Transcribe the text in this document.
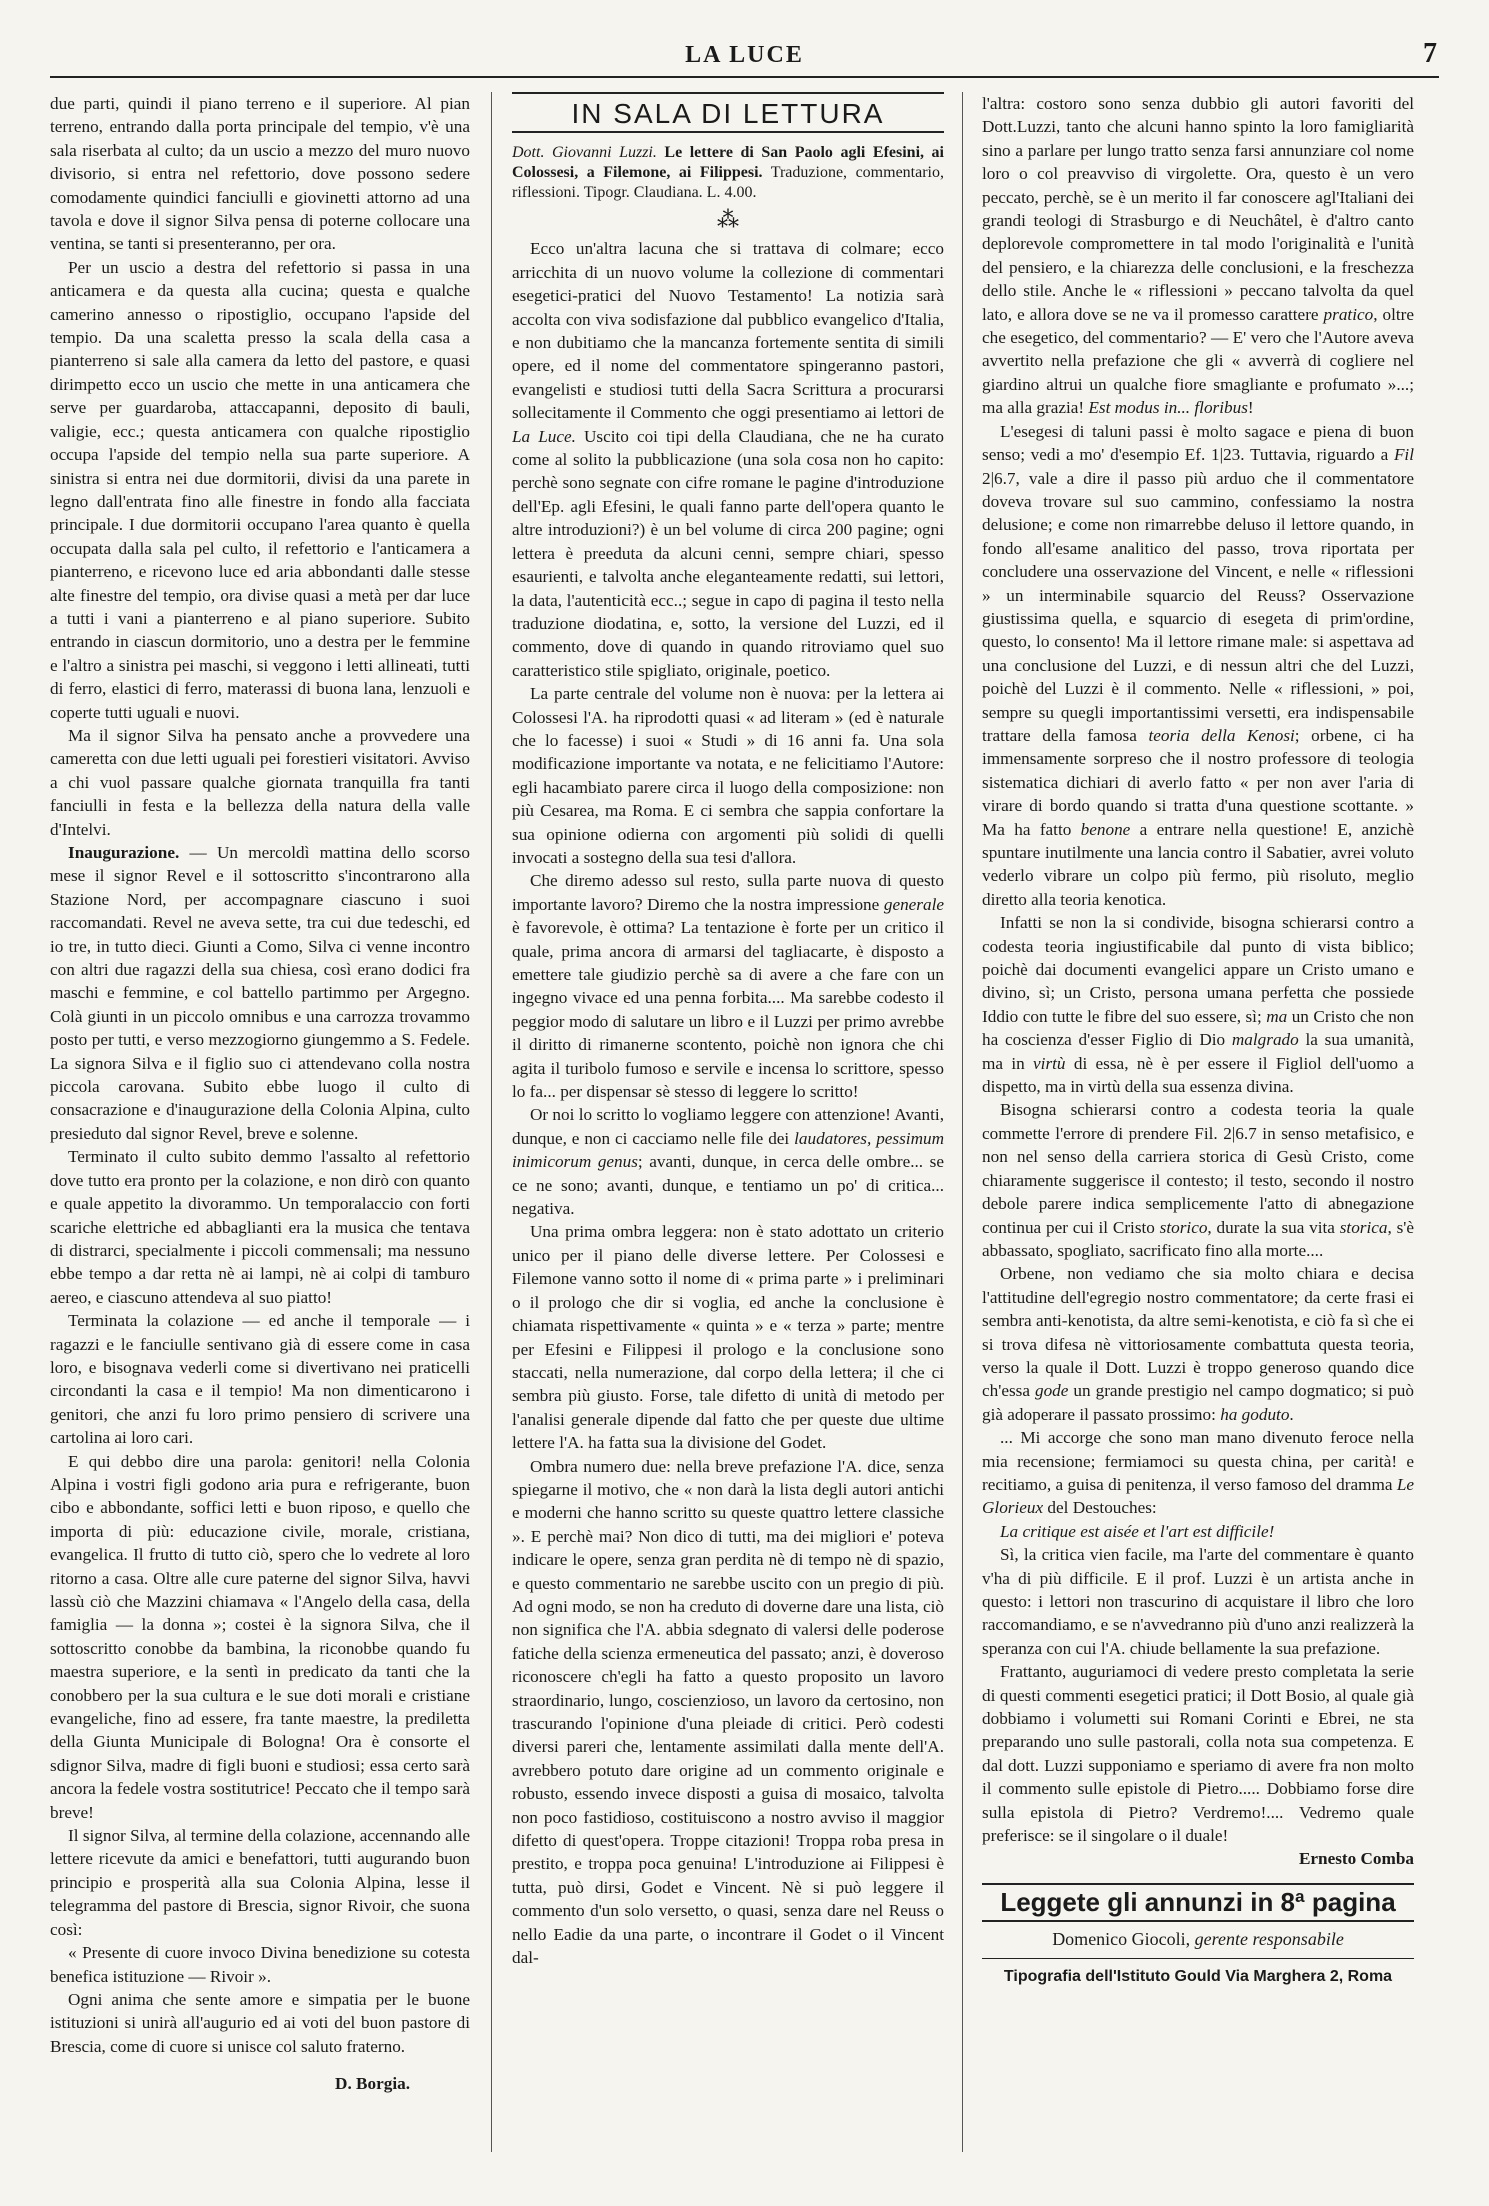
LA LUCE	7

due parti, quindi il piano terreno e il superiore. Al pian terreno, entrando dalla porta principale del tempio, v'è una sala riserbata al culto; da un uscio a mezzo del muro nuovo divisorio, si entra nel refettorio, dove possono sedere comodamente quindici fanciulli e giovinetti attorno ad una tavola e dove il signor Silva pensa di poterne collocare una ventina, se tanti si presenteranno, per ora.

Per un uscio a destra del refettorio si passa in una anticamera e da questa alla cucina; questa e qualche camerino annesso o ripostiglio, occupano l'apside del tempio. Da una scaletta presso la scala della casa a pianterreno si sale alla camera da letto del pastore, e quasi dirimpetto ecco un uscio che mette in una anticamera che serve per guardaroba, attaccapanni, deposito di bauli, valigie, ecc.; questa anticamera con qualche ripostiglio occupa l'apside del tempio nella sua parte superiore. A sinistra si entra nei due dormitorii, divisi da una parete in legno dall'entrata fino alle finestre in fondo alla facciata principale. I due dormitorii occupano l'area quanto è quella occupata dalla sala pel culto, il refettorio e l'anticamera a pianterreno, e ricevono luce ed aria abbondanti dalle stesse alte finestre del tempio, ora divise quasi a metà per dar luce a tutti i vani a pianterreno e al piano superiore. Subito entrando in ciascun dormitorio, uno a destra per le femmine e l'altro a sinistra pei maschi, si veggono i letti allineati, tutti di ferro, elastici di ferro, materassi di buona lana, lenzuoli e coperte tutti uguali e nuovi.

Ma il signor Silva ha pensato anche a provvedere una cameretta con due letti uguali pei forestieri visitatori. Avviso a chi vuol passare qualche giornata tranquilla fra tanti fanciulli in festa e la bellezza della natura della valle d'Intelvi.

Inaugurazione. — Un mercoldì mattina dello scorso mese il signor Revel e il sottoscritto s'incontrarono alla Stazione Nord, per accompagnare ciascuno i suoi raccomandati. Revel ne aveva sette, tra cui due tedeschi, ed io tre, in tutto dieci. Giunti a Como, Silva ci venne incontro con altri due ragazzi della sua chiesa, così erano dodici fra maschi e femmine, e col battello partimmo per Argegno. Colà giunti in un piccolo omnibus e una carrozza trovammo posto per tutti, e verso mezzogiorno giungemmo a S. Fedele. La signora Silva e il figlio suo ci attendevano colla nostra piccola carovana. Subito ebbe luogo il culto di consacrazione e d'inaugurazione della Colonia Alpina, culto presieduto dal signor Revel, breve e solenne.

Terminato il culto subito demmo l'assalto al refettorio dove tutto era pronto per la colazione, e non dirò con quanto e quale appetito la divorammo. Un temporalaccio con forti scariche elettriche ed abbaglianti era la musica che tentava di distrarci, specialmente i piccoli commensali; ma nessuno ebbe tempo a dar retta nè ai lampi, nè ai colpi di tamburo aereo, e ciascuno attendeva al suo piatto!

Terminata la colazione — ed anche il temporale — i ragazzi e le fanciulle sentivano già di essere come in casa loro, e bisognava vederli come si divertivano nei praticelli circondanti la casa e il tempio! Ma non dimenticarono i genitori, che anzi fu loro primo pensiero di scrivere una cartolina ai loro cari.

E qui debbo dire una parola: genitori! nella Colonia Alpina i vostri figli godono aria pura e refrigerante, buon cibo e abbondante, soffici letti e buon riposo, e quello che importa di più: educazione civile, morale, cristiana, evangelica. Il frutto di tutto ciò, spero che lo vedrete al loro ritorno a casa. Oltre alle cure paterne del signor Silva, havvi lassù ciò che Mazzini chiamava « l'Angelo della casa, della famiglia — la donna »; costei è la signora Silva, che il sottoscritto conobbe da bambina, la riconobbe quando fu maestra superiore, e la sentì in predicato da tanti che la conobbero per la sua cultura e le sue doti morali e cristiane evangeliche, fino ad essere, fra tante maestre, la prediletta della Giunta Municipale di Bologna! Ora è consorte el sdignor Silva, madre di figli buoni e studiosi; essa certo sarà ancora la fedele vostra sostitutrice! Peccato che il tempo sarà breve!

Il signor Silva, al termine della colazione, accennando alle lettere ricevute da amici e benefattori, tutti augurando buon principio e prosperità alla sua Colonia Alpina, lesse il telegramma del pastore di Brescia, signor Rivoir, che suona così:

« Presente di cuore invoco Divina benedizione su cotesta benefica istituzione — Rivoir ».

Ogni anima che sente amore e simpatia per le buone istituzioni si unirà all'augurio ed ai voti del buon pastore di Brescia, come di cuore si unisce col saluto fraterno.

D. Borgia.
IN SALA DI LETTURA

Dott. Giovanni Luzzi. Le lettere di San Paolo agli Efesini, ai Colossesi, a Filemone, ai Filippesi. Traduzione, commentario, riflessioni. Tipogr. Claudiana. L. 4.00.

⁂

Ecco un'altra lacuna che si trattava di colmare; ecco arricchita di un nuovo volume la collezione di commentari esegetici-pratici del Nuovo Testamento! La notizia sarà accolta con viva sodisfazione dal pubblico evangelico d'Italia, e non dubitiamo che la mancanza fortemente sentita di simili opere, ed il nome del commentatore spingeranno pastori, evangelisti e studiosi tutti della Sacra Scrittura a procurarsi sollecitamente il Commento che oggi presentiamo ai lettori de La Luce. Uscito coi tipi della Claudiana, che ne ha curato come al solito la pubblicazione (una sola cosa non ho capito: perchè sono segnate con cifre romane le pagine d'introduzione dell'Ep. agli Efesini, le quali fanno parte dell'opera quanto le altre introduzioni?) è un bel volume di circa 200 pagine; ogni lettera è preeduta da alcuni cenni, sempre chiari, spesso esaurienti, e talvolta anche eleganteamente redatti, sui lettori, la data, l'autenticità ecc..; segue in capo di pagina il testo nella traduzione diodatina, e, sotto, la versione del Luzzi, ed il commento, dove di quando in quando ritroviamo quel suo caratteristico stile spigliato, originale, poetico.

La parte centrale del volume non è nuova: per la lettera ai Colossesi l'A. ha riprodotti quasi « ad literam » (ed è naturale che lo facesse) i suoi « Studi » di 16 anni fa. Una sola modificazione importante va notata, e ne felicitiamo l'Autore: egli hacambiato parere circa il luogo della composizione: non più Cesarea, ma Roma. E ci sembra che sappia confortare la sua opinione odierna con argomenti più solidi di quelli invocati a sostegno della sua tesi d'allora.

Che diremo adesso sul resto, sulla parte nuova di questo importante lavoro? Diremo che la nostra impressione generale è favorevole, è ottima? La tentazione è forte per un critico il quale, prima ancora di armarsi del tagliacarte, è disposto a emettere tale giudizio perchè sa di avere a che fare con un ingegno vivace ed una penna forbita.... Ma sarebbe codesto il peggior modo di salutare un libro e il Luzzi per primo avrebbe il diritto di rimanerne scontento, poichè non ignora che chi agita il turibolo fumoso e servile e incensa lo scrittore, spesso lo fa... per dispensar sè stesso di leggere lo scritto!

Or noi lo scritto lo vogliamo leggere con attenzione! Avanti, dunque, e non ci cacciamo nelle file dei laudatores, pessimum inimicorum genus; avanti, dunque, in cerca delle ombre... se ce ne sono; avanti, dunque, e tentiamo un po' di critica... negativa.

Una prima ombra leggera: non è stato adottato un criterio unico per il piano delle diverse lettere. Per Colossesi e Filemone vanno sotto il nome di « prima parte » i preliminari o il prologo che dir si voglia, ed anche la conclusione è chiamata rispettivamente « quinta » e « terza » parte; mentre per Efesini e Filippesi il prologo e la conclusione sono staccati, nella numerazione, dal corpo della lettera; il che ci sembra più giusto. Forse, tale difetto di unità di metodo per l'analisi generale dipende dal fatto che per queste due ultime lettere l'A. ha fatta sua la divisione del Godet.

Ombra numero due: nella breve prefazione l'A. dice, senza spiegarne il motivo, che « non darà la lista degli autori antichi e moderni che hanno scritto su queste quattro lettere classiche ». E perchè mai? Non dico di tutti, ma dei migliori e' poteva indicare le opere, senza gran perdita nè di tempo nè di spazio, e questo commentario ne sarebbe uscito con un pregio di più. Ad ogni modo, se non ha creduto di doverne dare una lista, ciò non significa che l'A. abbia sdegnato di valersi delle poderose fatiche della scienza ermeneutica del passato; anzi, è doveroso riconoscere ch'egli ha fatto a questo proposito un lavoro straordinario, lungo, coscienzioso, un lavoro da certosino, non trascurando l'opinione d'una pleiade di critici. Però codesti diversi pareri che, lentamente assimilati dalla mente dell'A. avrebbero potuto dare origine ad un commento originale e robusto, essendo invece disposti a guisa di mosaico, talvolta non poco fastidioso, costituiscono a nostro avviso il maggior difetto di quest'opera. Troppe citazioni! Troppa roba presa in prestito, e troppa poca genuina! L'introduzione ai Filippesi è tutta, può dirsi, Godet e Vincent. Nè si può leggere il commento d'un solo versetto, o quasi, senza dare nel Reuss o nello Eadie da una parte, o incontrare il Godet o il Vincent dal-

l'altra: costoro sono senza dubbio gli autori favoriti del Dott.Luzzi, tanto che alcuni hanno spinto la loro famigliarità sino a parlare per lungo tratto senza farsi annunziare col nome loro o col preavviso di virgolette. Ora, questo è un vero peccato, perchè, se è un merito il far conoscere agl'Italiani dei grandi teologi di Strasburgo e di Neuchâtel, è d'altro canto deplorevole compromettere in tal modo l'originalità e l'unità del pensiero, e la chiarezza delle conclusioni, e la freschezza dello stile. Anche le « riflessioni » peccano talvolta da quel lato, e allora dove se ne va il promesso carattere pratico, oltre che esegetico, del commentario? — E' vero che l'Autore aveva avvertito nella prefazione che gli « avverrà di cogliere nel giardino altrui un qualche fiore smagliante e profumato »...; ma alla grazia! Est modus in... floribus!

L'esegesi di taluni passi è molto sagace e piena di buon senso; vedi a mo' d'esempio Ef. 1|23. Tuttavia, riguardo a Fil 2|6.7, vale a dire il passo più arduo che il commentatore doveva trovare sul suo cammino, confessiamo la nostra delusione; e come non rimarrebbe deluso il lettore quando, in fondo all'esame analitico del passo, trova riportata per concludere una osservazione del Vincent, e nelle « riflessioni » un interminabile squarcio del Reuss? Osservazione giustissima quella, e squarcio di esegeta di prim'ordine, questo, lo consento! Ma il lettore rimane male: si aspettava ad una conclusione del Luzzi, e di nessun altri che del Luzzi, poichè del Luzzi è il commento. Nelle « riflessioni, » poi, sempre su quegli importantissimi versetti, era indispensabile trattare della famosa teoria della Kenosi; orbene, ci ha immensamente sorpreso che il nostro professore di teologia sistematica dichiari di averlo fatto « per non aver l'aria di virare di bordo quando si tratta d'una questione scottante. » Ma ha fatto benone a entrare nella questione! E, anzichè spuntare inutilmente una lancia contro il Sabatier, avrei voluto vederlo vibrare un colpo più fermo, più risoluto, meglio diretto alla teoria kenotica.

Infatti se non la si condivide, bisogna schierarsi contro a codesta teoria ingiustificabile dal punto di vista biblico; poichè dai documenti evangelici appare un Cristo umano e divino, sì; un Cristo, persona umana perfetta che possiede Iddio con tutte le fibre del suo essere, sì; ma un Cristo che non ha coscienza d'esser Figlio di Dio malgrado la sua umanità, ma in virtù di essa, nè è per essere il Figliol dell'uomo a dispetto, ma in virtù della sua essenza divina.

Bisogna schierarsi contro a codesta teoria la quale commette l'errore di prendere Fil. 2|6.7 in senso metafisico, e non nel senso della carriera storica di Gesù Cristo, come chiaramente suggerisce il contesto; il testo, secondo il nostro debole parere indica semplicemente l'atto di abnegazione continua per cui il Cristo storico, durate la sua vita storica, s'è abbassato, spogliato, sacrificato fino alla morte....

Orbene, non vediamo che sia molto chiara e decisa l'attitudine dell'egregio nostro commentatore; da certe frasi ei sembra anti-kenotista, da altre semi-kenotista, e ciò fa sì che ei si trova difesa nè vittoriosamente combattuta questa teoria, verso la quale il Dott. Luzzi è troppo generoso quando dice ch'essa gode un grande prestigio nel campo dogmatico; si può già adoperare il passato prossimo: ha goduto.

... Mi accorge che sono man mano divenuto feroce nella mia recensione; fermiamoci su questa china, per carità! e recitiamo, a guisa di penitenza, il verso famoso del dramma Le Glorieux del Destouches:

La critique est aisée et l'art est difficile!

Sì, la critica vien facile, ma l'arte del commentare è quanto v'ha di più difficile. E il prof. Luzzi è un artista anche in questo: i lettori non trascurino di acquistare il libro che loro raccomandiamo, e se n'avvedranno più d'uno anzi realizzerà la speranza con cui l'A. chiude bellamente la sua prefazione.

Frattanto, auguriamoci di vedere presto completata la serie di questi commenti esegetici pratici; il Dott Bosio, al quale già dobbiamo i volumetti sui Romani Corinti e Ebrei, ne sta preparando uno sulle pastorali, colla nota sua competenza. E dal dott. Luzzi supponiamo e speriamo di avere fra non molto il commento sulle epistole di Pietro..... Dobbiamo forse dire sulla epistola di Pietro? Verdremo!.... Vedremo quale preferisce: se il singolare o il duale!

Ernesto Comba
Leggete gli annunzi in 8ª pagina
Domenico Giocoli, gerente responsabile
Tipografia dell'Istituto Gould Via Marghera 2, Roma
